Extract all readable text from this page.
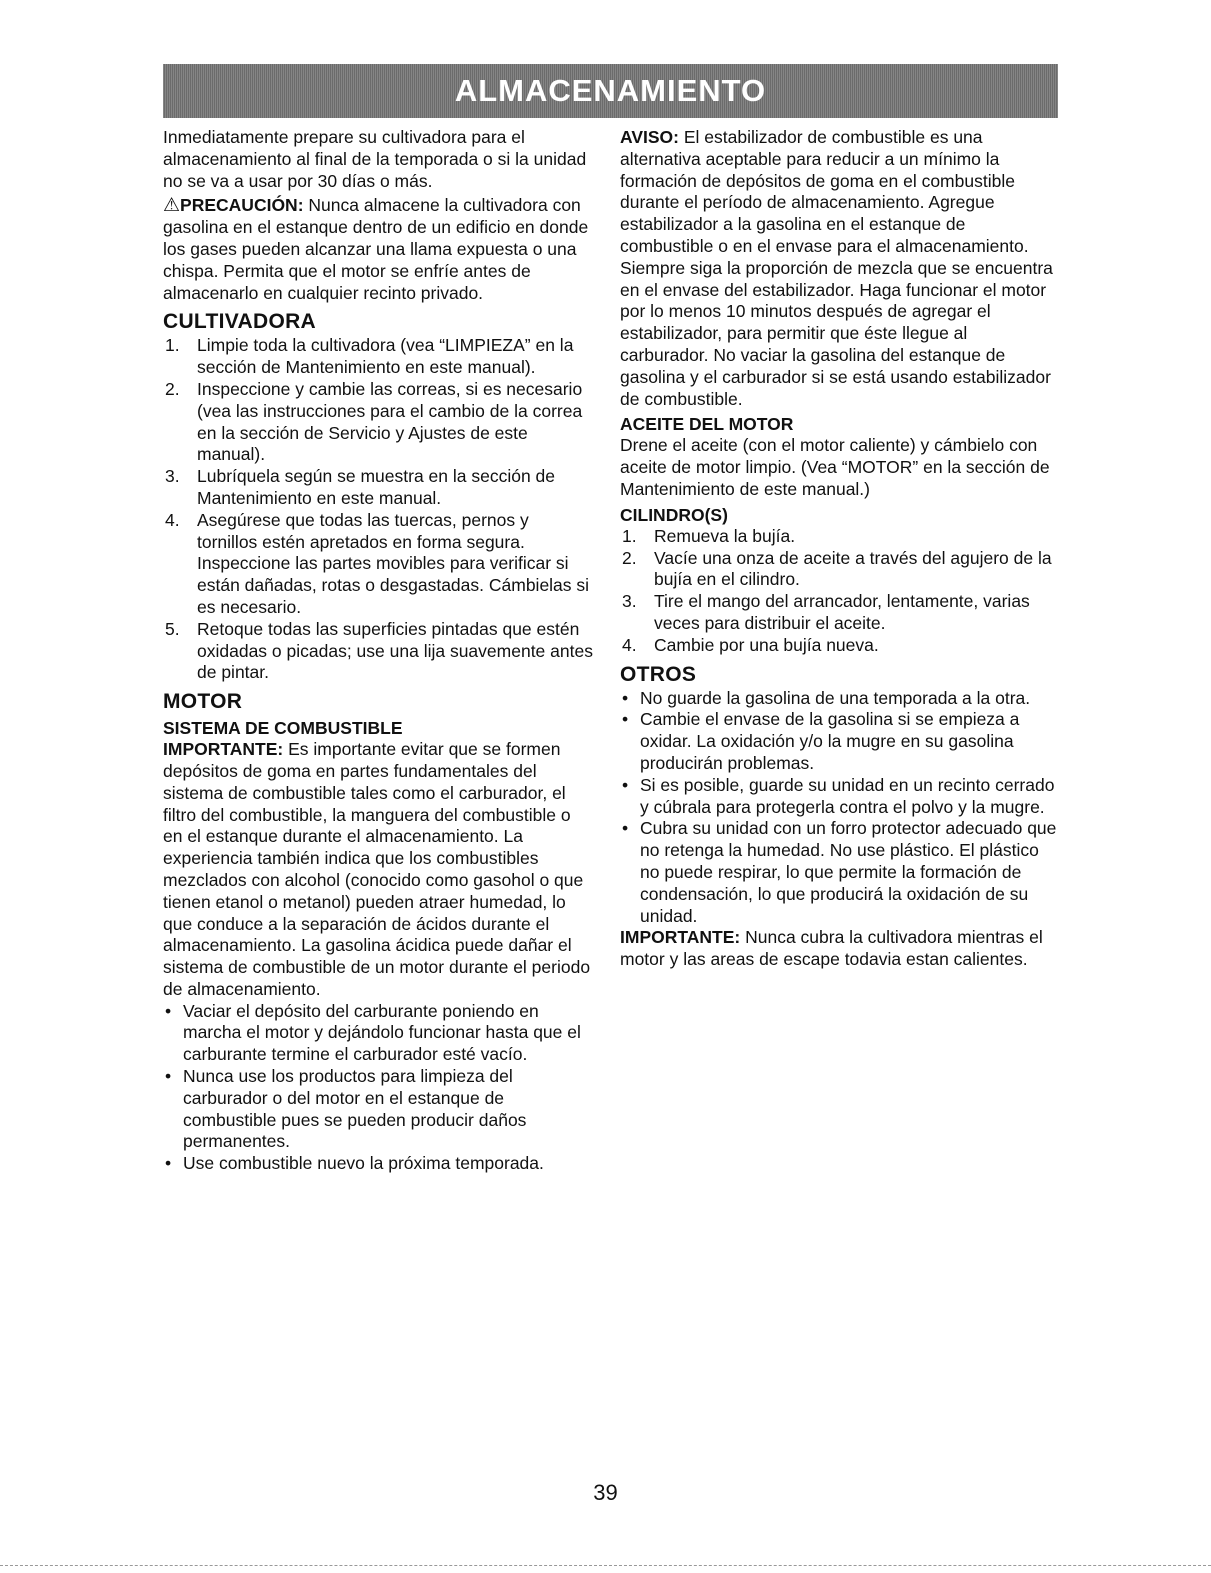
ALMACENAMIENTO

Inmediatamente prepare su cultivadora para el almacenamiento al final de la temporada o si la unidad no se va a usar por 30 días o más.

⚠PRECAUCIÓN: Nunca almacene la cultivadora con gasolina en el estanque dentro de un edificio en donde los gases pueden alcanzar una llama expuesta o una chispa. Permita que el motor se enfríe antes de almacenarlo en cualquier recinto privado.

CULTIVADORA
1. Limpie toda la cultivadora (vea “LIMPIEZA” en la sección de Mantenimiento en este manual).
2. Inspeccione y cambie las correas, si es necesario (vea las instrucciones para el cambio de la correa en la sección de Servicio y Ajustes de este manual).
3. Lubríquela según se muestra en la sección de Mantenimiento en este manual.
4. Asegúrese que todas las tuercas, pernos y tornillos estén apretados en forma segura. Inspeccione las partes movibles para verificar si están dañadas, rotas o desgastadas. Cámbielas si es necesario.
5. Retoque todas las superficies pintadas que estén oxidadas o picadas; use una lija suavemente antes de pintar.
MOTOR
SISTEMA DE COMBUSTIBLE

IMPORTANTE: Es importante evitar que se formen depósitos de goma en partes fundamentales del sistema de combustible tales como el carburador, el filtro del combustible, la manguera del combustible o en el estanque durante el almacenamiento. La experiencia también indica que los combustibles mezclados con alcohol (conocido como gasohol o que tienen etanol o metanol) pueden atraer humedad, lo que conduce a la separación de ácidos durante el almacenamiento. La gasolina ácidica puede dañar el sistema de combustible de un motor durante el periodo de almacenamiento.

• Vaciar el depósito del carburante poniendo en marcha el motor y dejándolo funcionar hasta que el carburante termine el carburador esté vacío.
• Nunca use los productos para limpieza del carburador o del motor en el estanque de combustible pues se pueden producir daños permanentes.
• Use combustible nuevo la próxima temporada.

AVISO: El estabilizador de combustible es una alternativa aceptable para reducir a un mínimo la formación de depósitos de goma en el combustible durante el período de almacenamiento. Agregue estabilizador a la gasolina en el estanque de combustible o en el envase para el almacenamiento. Siempre siga la proporción de mezcla que se encuentra en el envase del estabilizador. Haga funcionar el motor por lo menos 10 minutos después de agregar el estabilizador, para permitir que éste llegue al carburador. No vaciar la gasolina del estanque de gasolina y el carburador si se está usando estabilizador de combustible.

ACEITE DEL MOTOR

Drene el aceite (con el motor caliente) y cámbielo con aceite de motor limpio. (Vea “MOTOR” en la sección de Mantenimiento de este manual.)

CILINDRO(S)
1. Remueva la bujía.
2. Vacíe una onza de aceite a través del agujero de la bujía en el cilindro.
3. Tire el mango del arrancador, lentamente, varias veces para distribuir el aceite.
4. Cambie por una bujía nueva.
OTROS
• No guarde la gasolina de una temporada a la otra.
• Cambie el envase de la gasolina si se empieza a oxidar. La oxidación y/o la mugre en su gasolina producirán problemas.
• Si es posible, guarde su unidad en un recinto cerrado y cúbrala para protegerla contra el polvo y la mugre.
• Cubra su unidad con un forro protector adecuado que no retenga la humedad. No use plástico. El plástico no puede respirar, lo que permite la formación de condensación, lo que producirá la oxidación de su unidad.

IMPORTANTE: Nunca cubra la cultivadora mientras el motor y las areas de escape todavia estan calientes.

39
